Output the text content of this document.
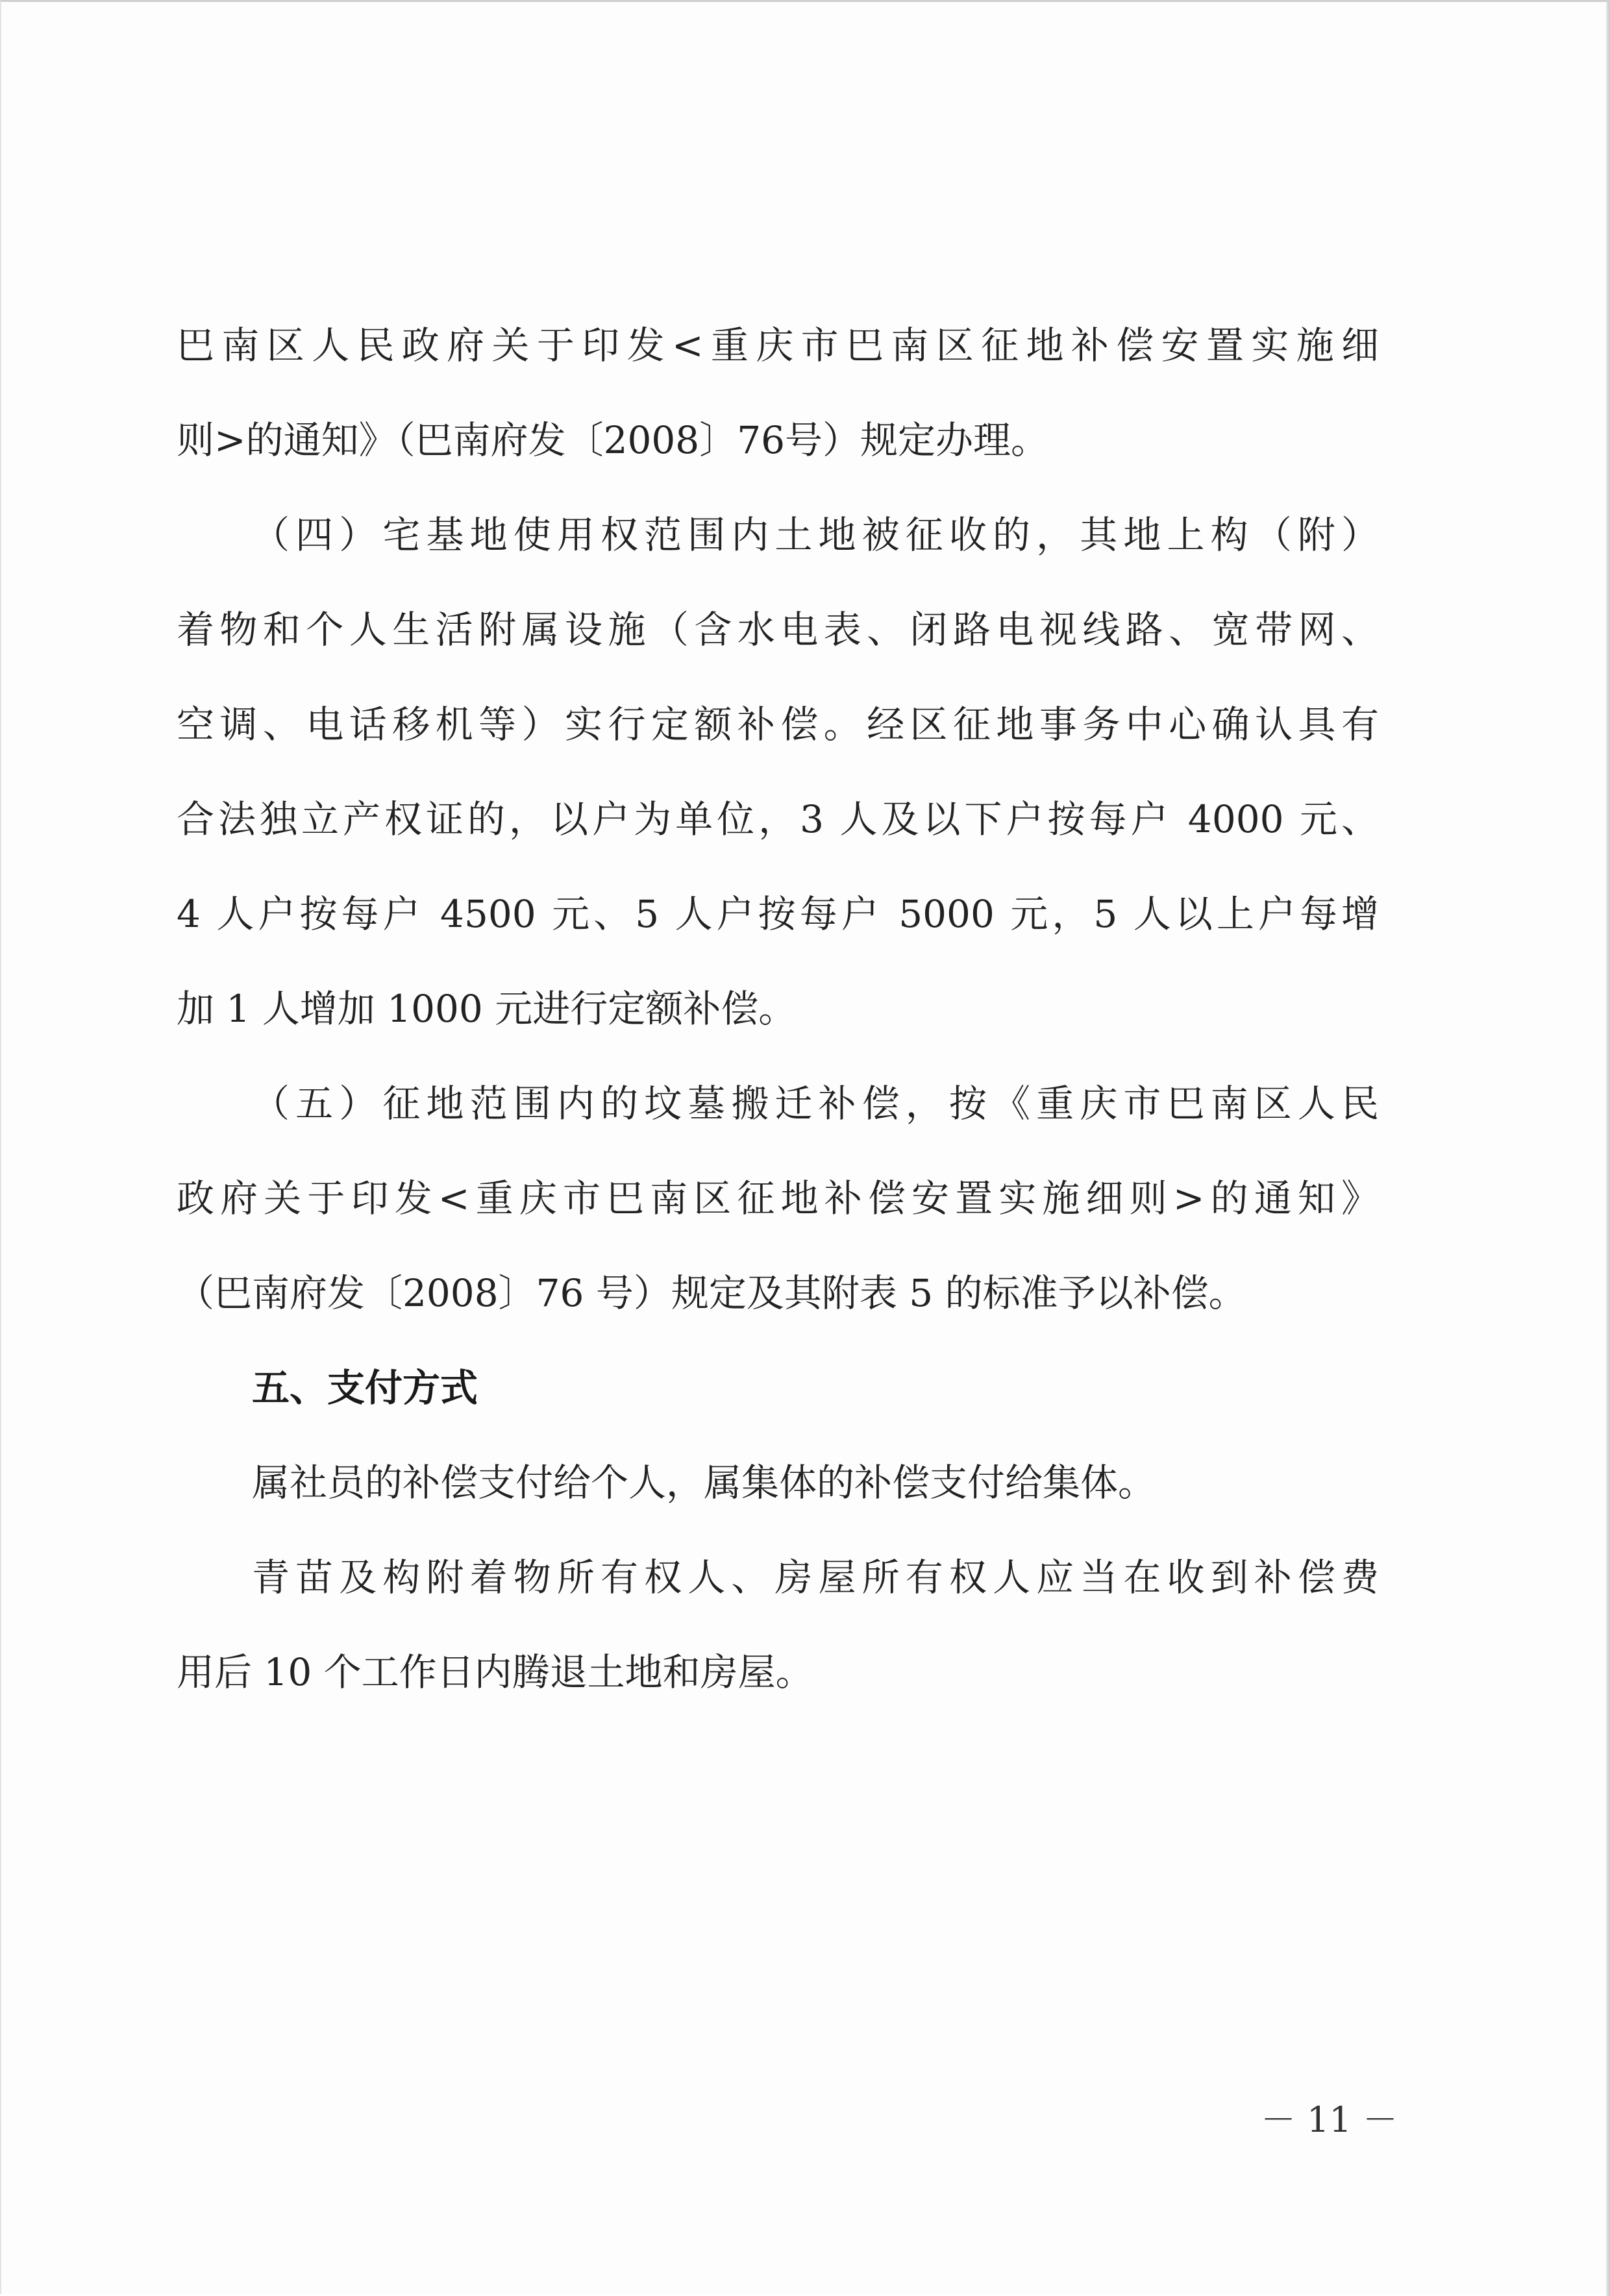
巴南区人民政府关于印发<重庆市巴南区征地补偿安置实施细
则>的通知》（巴南府发〔2008〕76号）规定办理。
（四）宅基地使用权范围内土地被征收的，其地上构（附）
着物和个人生活附属设施（含水电表、闭路电视线路、宽带网、
空调、电话移机等）实行定额补偿。经区征地事务中心确认具有
合法独立产权证的，以户为单位，3 人及以下户按每户 4000 元、
4 人户按每户 4500 元、5 人户按每户 5000 元，5 人以上户每增
加 1 人增加 1000 元进行定额补偿。
（五）征地范围内的坟墓搬迁补偿，按《重庆市巴南区人民
政府关于印发<重庆市巴南区征地补偿安置实施细则>的通知》
（巴南府发〔2008〕76 号）规定及其附表 5 的标准予以补偿。
五、支付方式
属社员的补偿支付给个人，属集体的补偿支付给集体。
青苗及构附着物所有权人、房屋所有权人应当在收到补偿费
用后 10 个工作日内腾退土地和房屋。
－ 11 －
